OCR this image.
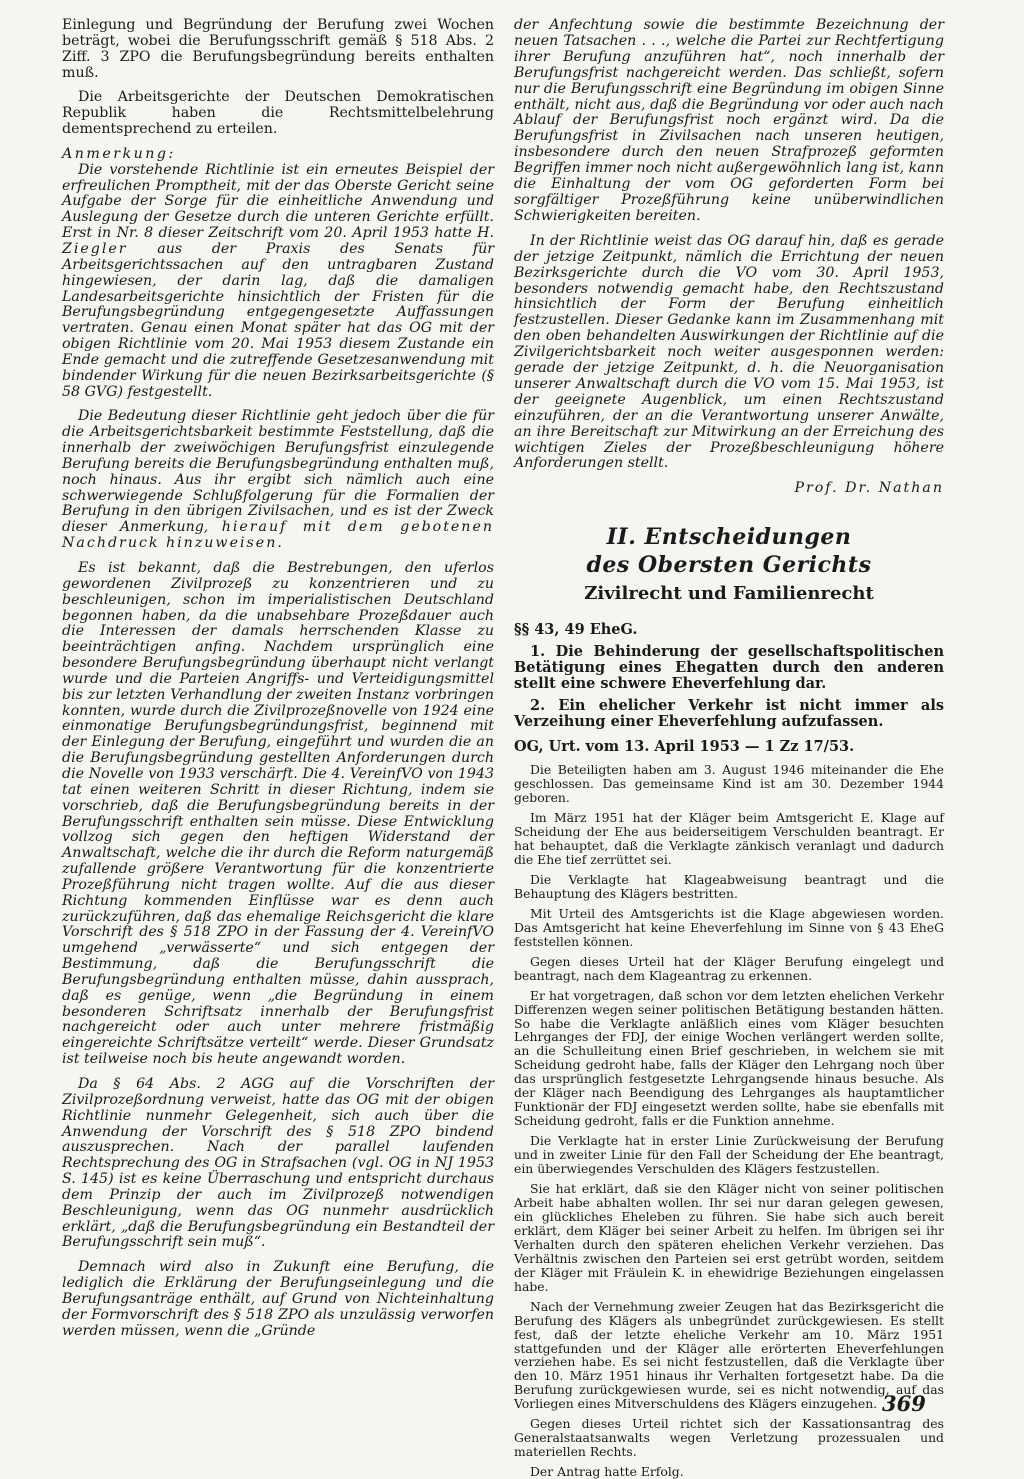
Einlegung und Begründung der Berufung zwei Wochen beträgt, wobei die Berufungsschrift gemäß § 518 Abs. 2 Ziff. 3 ZPO die Berufungsbegründung bereits enthalten muß.

Die Arbeitsgerichte der Deutschen Demokratischen Republik haben die Rechtsmittelbelehrung dementsprechend zu erteilen.

Anmerkung:

Die vorstehende Richtlinie ist ein erneutes Beispiel der erfreulichen Promptheit, mit der das Oberste Gericht seine Aufgabe der Sorge für die einheitliche Anwendung und Auslegung der Gesetze durch die unteren Gerichte erfüllt. Erst in Nr. 8 dieser Zeitschrift vom 20. April 1953 hatte H. Ziegler aus der Praxis des Senats für Arbeitsgerichtssachen auf den untragbaren Zustand hingewiesen, der darin lag, daß die damaligen Landesarbeitsgerichte hinsichtlich der Fristen für die Berufungsbegründung entgegengesetzte Auffassungen vertraten. Genau einen Monat später hat das OG mit der obigen Richtlinie vom 20. Mai 1953 diesem Zustande ein Ende gemacht und die zutreffende Gesetzesanwendung mit bindender Wirkung für die neuen Bezirksarbeitsgerichte (§ 58 GVG) festgestellt.

Die Bedeutung dieser Richtlinie geht jedoch über die für die Arbeitsgerichtsbarkeit bestimmte Feststellung, daß die innerhalb der zweiwöchigen Berufungsfrist einzulegende Berufung bereits die Berufungsbegründung enthalten muß, noch hinaus. Aus ihr ergibt sich nämlich auch eine schwerwiegende Schlußfolgerung für die Formalien der Berufung in den übrigen Zivilsachen, und es ist der Zweck dieser Anmerkung, hierauf mit dem gebotenen Nachdruck hinzuweisen.

Es ist bekannt, daß die Bestrebungen, den uferlos gewordenen Zivilprozeß zu konzentrieren und zu beschleunigen, schon im imperialistischen Deutschland begonnen haben, da die unabsehbare Prozeßdauer auch die Interessen der damals herrschenden Klasse zu beeinträchtigen anfing. Nachdem ursprünglich eine besondere Berufungsbegründung überhaupt nicht verlangt wurde und die Parteien Angriffs- und Verteidigungsmittel bis zur letzten Verhandlung der zweiten Instanz vorbringen konnten, wurde durch die Zivilprozeßnovelle von 1924 eine einmonatige Berufungsbegründungsfrist, beginnend mit der Einlegung der Berufung, eingeführt und wurden die an die Berufungsbegründung gestellten Anforderungen durch die Novelle von 1933 verschärft. Die 4. VereinfVO von 1943 tat einen weiteren Schritt in dieser Richtung, indem sie vorschrieb, daß die Berufungsbegründung bereits in der Berufungsschrift enthalten sein müsse. Diese Entwicklung vollzog sich gegen den heftigen Widerstand der Anwaltschaft, welche die ihr durch die Reform naturgemäß zufallende größere Verantwortung für die konzentrierte Prozeßführung nicht tragen wollte. Auf die aus dieser Richtung kommenden Einflüsse war es denn auch zurückzuführen, daß das ehemalige Reichsgericht die klare Vorschrift des § 518 ZPO in der Fassung der 4. VereinfVO umgehend „verwässerte“ und sich entgegen der Bestimmung, daß die Berufungsschrift die Berufungsbegründung enthalten müsse, dahin aussprach, daß es genüge, wenn „die Begründung in einem besonderen Schriftsatz innerhalb der Berufungsfrist nachgereicht oder auch unter mehrere fristmäßig eingereichte Schriftsätze verteilt“ werde. Dieser Grundsatz ist teilweise noch bis heute angewandt worden.

Da § 64 Abs. 2 AGG auf die Vorschriften der Zivilprozeßordnung verweist, hatte das OG mit der obigen Richtlinie nunmehr Gelegenheit, sich auch über die Anwendung der Vorschrift des § 518 ZPO bindend auszusprechen. Nach der parallel laufenden Rechtsprechung des OG in Strafsachen (vgl. OG in NJ 1953 S. 145) ist es keine Überraschung und entspricht durchaus dem Prinzip der auch im Zivilprozeß notwendigen Beschleunigung, wenn das OG nunmehr ausdrücklich erklärt, „daß die Berufungsbegründung ein Bestandteil der Berufungsschrift sein muß“.

Demnach wird also in Zukunft eine Berufung, die lediglich die Erklärung der Berufungseinlegung und die Berufungsanträge enthält, auf Grund von Nichteinhaltung der Formvorschrift des § 518 ZPO als unzulässig verworfen werden müssen, wenn die „Gründe

der Anfechtung sowie die bestimmte Bezeichnung der neuen Tatsachen . . ., welche die Partei zur Rechtfertigung ihrer Berufung anzuführen hat“, noch innerhalb der Berufungsfrist nachgereicht werden. Das schließt, sofern nur die Berufungsschrift eine Begründung im obigen Sinne enthält, nicht aus, daß die Begründung vor oder auch nach Ablauf der Berufungsfrist noch ergänzt wird. Da die Berufungsfrist in Zivilsachen nach unseren heutigen, insbesondere durch den neuen Strafprozeß geformten Begriffen immer noch nicht außergewöhnlich lang ist, kann die Einhaltung der vom OG geforderten Form bei sorgfältiger Prozeßführung keine unüberwindlichen Schwierigkeiten bereiten.

In der Richtlinie weist das OG darauf hin, daß es gerade der jetzige Zeitpunkt, nämlich die Errichtung der neuen Bezirksgerichte durch die VO vom 30. April 1953, besonders notwendig gemacht habe, den Rechtszustand hinsichtlich der Form der Berufung einheitlich festzustellen. Dieser Gedanke kann im Zusammenhang mit den oben behandelten Auswirkungen der Richtlinie auf die Zivilgerichtsbarkeit noch weiter ausgesponnen werden: gerade der jetzige Zeitpunkt, d. h. die Neuorganisation unserer Anwaltschaft durch die VO vom 15. Mai 1953, ist der geeignete Augenblick, um einen Rechtszustand einzuführen, der an die Verantwortung unserer Anwälte, an ihre Bereitschaft zur Mitwirkung an der Erreichung des wichtigen Zieles der Prozeßbeschleunigung höhere Anforderungen stellt.

Prof. Dr. Nathan

II. Entscheidungen
des Obersten Gerichts
Zivilrecht und Familienrecht
§§ 43, 49 EheG.

1. Die Behinderung der gesellschaftspolitischen Betätigung eines Ehegatten durch den anderen stellt eine schwere Eheverfehlung dar.

2. Ein ehelicher Verkehr ist nicht immer als Verzeihung einer Eheverfehlung aufzufassen.

OG, Urt. vom 13. April 1953 — 1 Zz 17/53.

Die Beteiligten haben am 3. August 1946 miteinander die Ehe geschlossen. Das gemeinsame Kind ist am 30. Dezember 1944 geboren.

Im März 1951 hat der Kläger beim Amtsgericht E. Klage auf Scheidung der Ehe aus beiderseitigem Verschulden beantragt. Er hat behauptet, daß die Verklagte zänkisch veranlagt und dadurch die Ehe tief zerrüttet sei.

Die Verklagte hat Klageabweisung beantragt und die Behauptung des Klägers bestritten.

Mit Urteil des Amtsgerichts ist die Klage abgewiesen worden. Das Amtsgericht hat keine Eheverfehlung im Sinne von § 43 EheG feststellen können.

Gegen dieses Urteil hat der Kläger Berufung eingelegt und beantragt, nach dem Klageantrag zu erkennen.

Er hat vorgetragen, daß schon vor dem letzten ehelichen Verkehr Differenzen wegen seiner politischen Betätigung bestanden hätten. So habe die Verklagte anläßlich eines vom Kläger besuchten Lehrganges der FDJ, der einige Wochen verlängert werden sollte, an die Schulleitung einen Brief geschrieben, in welchem sie mit Scheidung gedroht habe, falls der Kläger den Lehrgang noch über das ursprünglich festgesetzte Lehrgangsende hinaus besuche. Als der Kläger nach Beendigung des Lehrganges als hauptamtlicher Funktionär der FDJ eingesetzt werden sollte, habe sie ebenfalls mit Scheidung gedroht, falls er die Funktion annehme.

Die Verklagte hat in erster Linie Zurückweisung der Berufung und in zweiter Linie für den Fall der Scheidung der Ehe beantragt, ein überwiegendes Verschulden des Klägers festzustellen.

Sie hat erklärt, daß sie den Kläger nicht von seiner politischen Arbeit habe abhalten wollen. Ihr sei nur daran gelegen gewesen, ein glückliches Eheleben zu führen. Sie habe sich auch bereit erklärt, dem Kläger bei seiner Arbeit zu helfen. Im übrigen sei ihr Verhalten durch den späteren ehelichen Verkehr verziehen. Das Verhältnis zwischen den Parteien sei erst getrübt worden, seitdem der Kläger mit Fräulein K. in ehewidrige Beziehungen eingelassen habe.

Nach der Vernehmung zweier Zeugen hat das Bezirksgericht die Berufung des Klägers als unbegründet zurückgewiesen. Es stellt fest, daß der letzte eheliche Verkehr am 10. März 1951 stattgefunden und der Kläger alle erörterten Eheverfehlungen verziehen habe. Es sei nicht festzustellen, daß die Verklagte über den 10. März 1951 hinaus ihr Verhalten fortgesetzt habe. Da die Berufung zurückgewiesen wurde, sei es nicht notwendig, auf das Vorliegen eines Mitverschuldens des Klägers einzugehen.

Gegen dieses Urteil richtet sich der Kassationsantrag des Generalstaatsanwalts wegen Verletzung prozessualen und materiellen Rechts.

Der Antrag hatte Erfolg.

369
